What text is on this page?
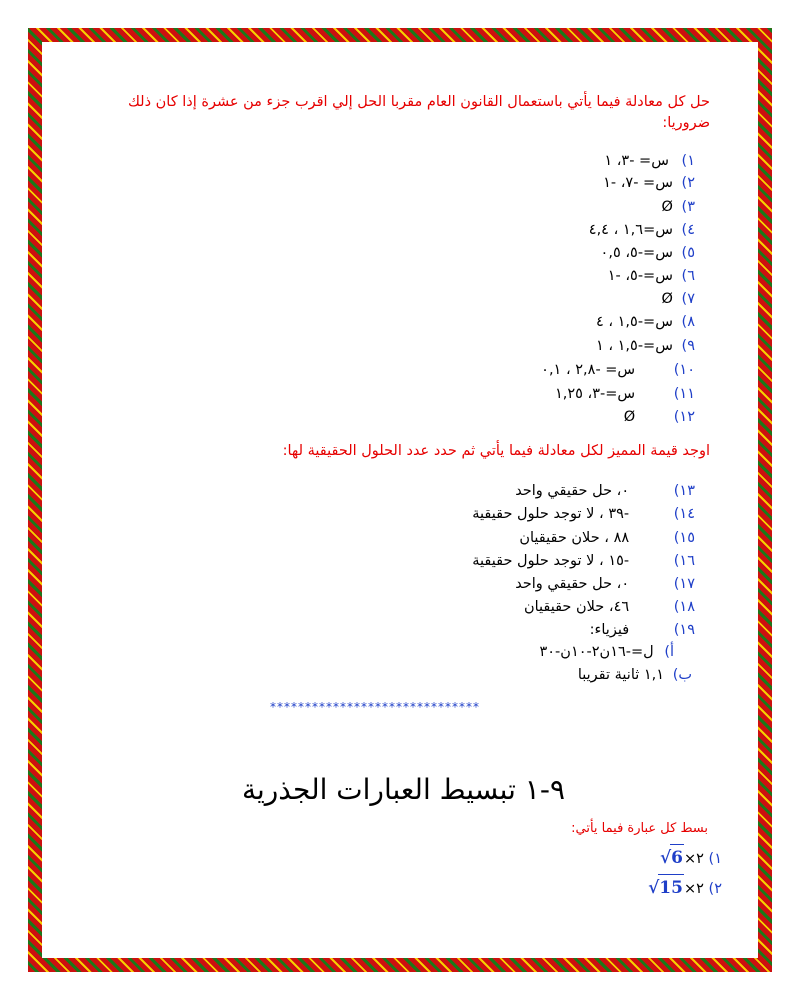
حل كل معادلة فيما يأتي باستعمال القانون العام مقربا الحل إلي اقرب جزء من عشرة إذا كان ذلك ضروريا:
١) س= -٣، ١
٢) س= -٧، -١
٣) Ø
٤) س=١,٦ ، ٤,٤
٥) س=-٥، ٠,٥
٦) س=-٥، -١
٧) Ø
٨) س=-١,٥ ، ٤
٩) س=-١,٥ ، ١
١٠) س= -٢,٨ ، ٠,١
١١) س=-٣، ١,٢٥
١٢) Ø
اوجد قيمة المميز لكل معادلة فيما يأتي ثم حدد عدد الحلول الحقيقية لها:
١٣) ٠، حل حقيقي واحد
١٤) -٣٩ ، لا توجد حلول حقيقية
١٥) ٨٨ ، حلان حقيقيان
١٦) -١٥ ، لا توجد حلول حقيقية
١٧) ٠، حل حقيقي واحد
١٨) ٤٦، حلان حقيقيان
١٩) فيزياء:
أ) ل=-١٦ن٢-١٠ن-٣٠
ب) ١,١ ثانية تقريبا
******************************
٩-١ تبسيط العبارات الجذرية
بسط كل عبارة فيما يأتي:
١) ٢×√6
٢) ٢×√15
